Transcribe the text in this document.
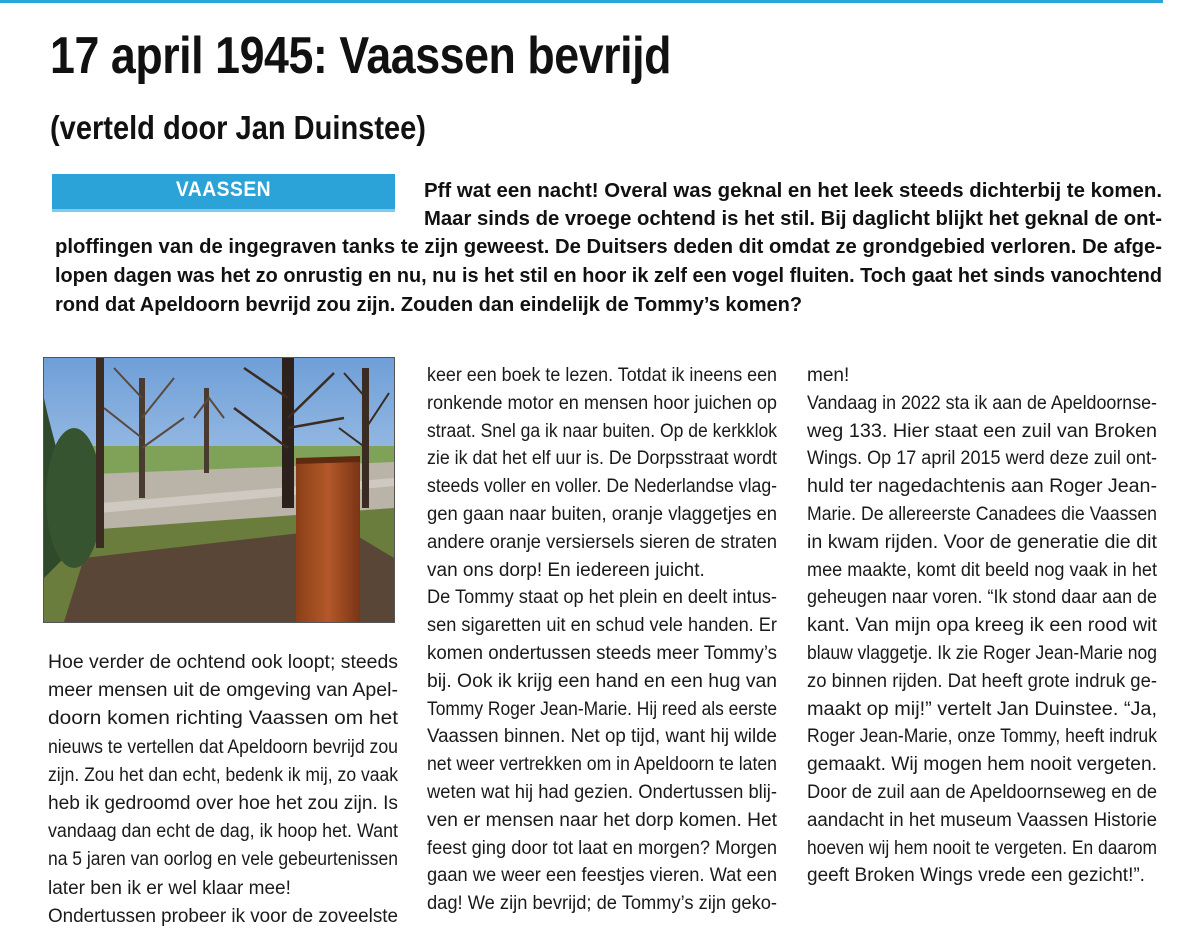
17 april 1945: Vaassen bevrijd
(verteld door Jan Duinstee)
VAASSEN	Pff wat een nacht! Overal was geknal en het leek steeds dichterbij te komen.
Maar sinds de vroege ochtend is het stil. Bij daglicht blijkt het geknal de ont-
ploffingen van de ingegraven tanks te zijn geweest. De Duitsers deden dit omdat ze grondgebied verloren. De afge-
lopen dagen was het zo onrustig en nu, nu is het stil en hoor ik zelf een vogel fluiten. Toch gaat het sinds vanochtend
rond dat Apeldoorn bevrijd zou zijn. Zouden dan eindelijk de Tommy’s komen?
Hoe verder de ochtend ook loopt; steeds
meer mensen uit de omgeving van Apel-
doorn komen richting Vaassen om het
nieuws te vertellen dat Apeldoorn bevrijd zou
zijn. Zou het dan echt, bedenk ik mij, zo vaak
heb ik gedroomd over hoe het zou zijn. Is
vandaag dan echt de dag, ik hoop het. Want
na 5 jaren van oorlog en vele gebeurtenissen
later ben ik er wel klaar mee!
Ondertussen probeer ik voor de zoveelste
keer een boek te lezen. Totdat ik ineens een
ronkende motor en mensen hoor juichen op
straat. Snel ga ik naar buiten. Op de kerkklok
zie ik dat het elf uur is. De Dorpsstraat wordt
steeds voller en voller. De Nederlandse vlag-
gen gaan naar buiten, oranje vlaggetjes en
andere oranje versiersels sieren de straten
van ons dorp! En iedereen juicht.
De Tommy staat op het plein en deelt intus-
sen sigaretten uit en schud vele handen. Er
komen ondertussen steeds meer Tommy’s
bij. Ook ik krijg een hand en een hug van
Tommy Roger Jean-Marie. Hij reed als eerste
Vaassen binnen. Net op tijd, want hij wilde
net weer vertrekken om in Apeldoorn te laten
weten wat hij had gezien. Ondertussen blij-
ven er mensen naar het dorp komen. Het
feest ging door tot laat en morgen? Morgen
gaan we weer een feestjes vieren. Wat een
dag! We zijn bevrijd; de Tommy’s zijn geko-
men!
Vandaag in 2022 sta ik aan de Apeldoornse-
weg 133. Hier staat een zuil van Broken
Wings. Op 17 april 2015 werd deze zuil ont-
huld ter nagedachtenis aan Roger Jean-
Marie. De allereerste Canadees die Vaassen
in kwam rijden. Voor de generatie die dit
mee maakte, komt dit beeld nog vaak in het
geheugen naar voren. “Ik stond daar aan de
kant. Van mijn opa kreeg ik een rood wit
blauw vlaggetje. Ik zie Roger Jean-Marie nog
zo binnen rijden. Dat heeft grote indruk ge-
maakt op mij!” vertelt Jan Duinstee. “Ja,
Roger Jean-Marie, onze Tommy, heeft indruk
gemaakt. Wij mogen hem nooit vergeten.
Door de zuil aan de Apeldoornseweg en de
aandacht in het museum Vaassen Historie
hoeven wij hem nooit te vergeten. En daarom
geeft Broken Wings vrede een gezicht!”.
